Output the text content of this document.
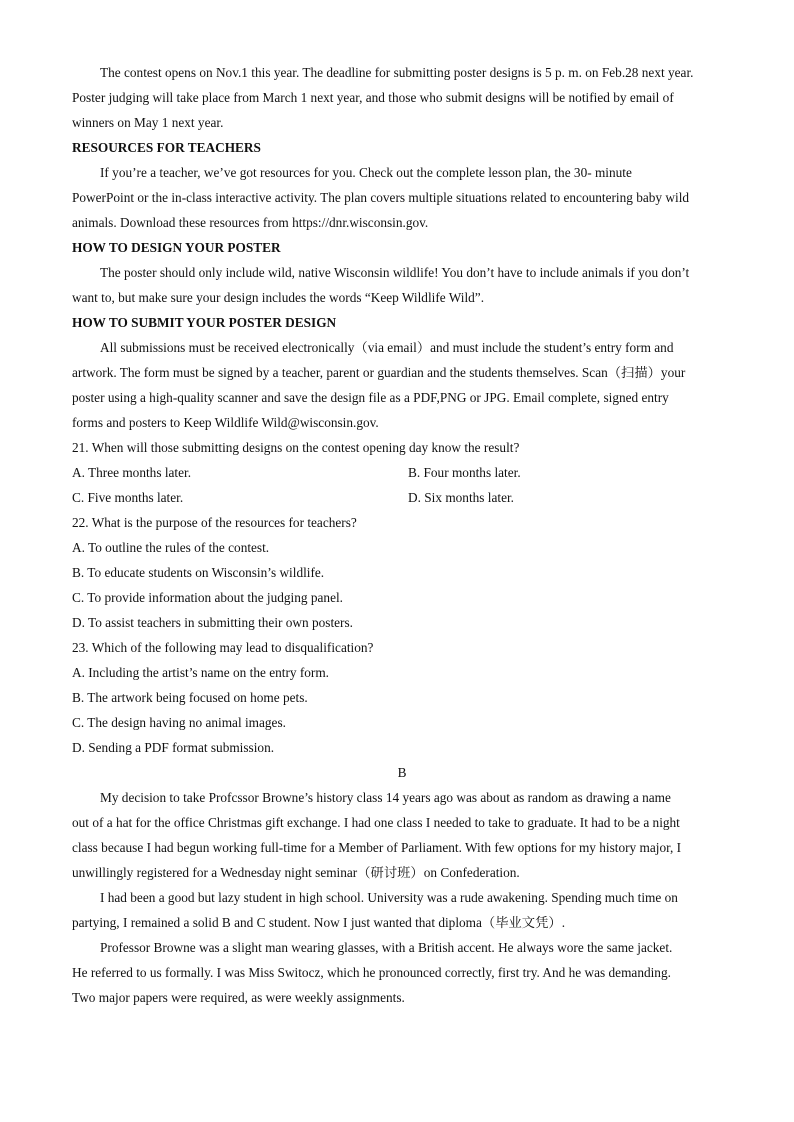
The contest opens on Nov.1 this year. The deadline for submitting poster designs is 5 p. m. on Feb.28 next year.
Poster judging will take place from March 1 next year, and those who submit designs will be notified by email of
winners on May 1 next year.
RESOURCES FOR TEACHERS
If you’re a teacher, we’ve got resources for you. Check out the complete lesson plan, the 30- minute
PowerPoint or the in-class interactive activity. The plan covers multiple situations related to encountering baby wild
animals. Download these resources from https://dnr.wisconsin.gov.
HOW TO DESIGN YOUR POSTER
The poster should only include wild, native Wisconsin wildlife! You don’t have to include animals if you don’t
want to, but make sure your design includes the words “Keep Wildlife Wild”.
HOW TO SUBMIT YOUR POSTER DESIGN
All submissions must be received electronically（via email）and must include the student’s entry form and
artwork. The form must be signed by a teacher, parent or guardian and the students themselves. Scan（扫描）your
poster using a high-quality scanner and save the design file as a PDF,PNG or JPG. Email complete, signed entry
forms and posters to Keep Wildlife Wild@wisconsin.gov.
21. When will those submitting designs on the contest opening day know the result?
A. Three months later.	B. Four months later.
C. Five months later.	D. Six months later.
22. What is the purpose of the resources for teachers?
A. To outline the rules of the contest.
B. To educate students on Wisconsin’s wildlife.
C. To provide information about the judging panel.
D. To assist teachers in submitting their own posters.
23. Which of the following may lead to disqualification?
A. Including the artist’s name on the entry form.
B. The artwork being focused on home pets.
C. The design having no animal images.
D. Sending a PDF format submission.
B
My decision to take Profcssor Browne’s history class 14 years ago was about as random as drawing a name
out of a hat for the office Christmas gift exchange. I had one class I needed to take to graduate. It had to be a night
class because I had begun working full-time for a Member of Parliament. With few options for my history major, I
unwillingly registered for a Wednesday night seminar（研讨班）on Confederation.
I had been a good but lazy student in high school. University was a rude awakening. Spending much time on
partying, I remained a solid B and C student. Now I just wanted that diploma（毕业文凭）.
Professor Browne was a slight man wearing glasses, with a British accent. He always wore the same jacket.
He referred to us formally. I was Miss Switocz, which he pronounced correctly, first try. And he was demanding.
Two major papers were required, as were weekly assignments.
